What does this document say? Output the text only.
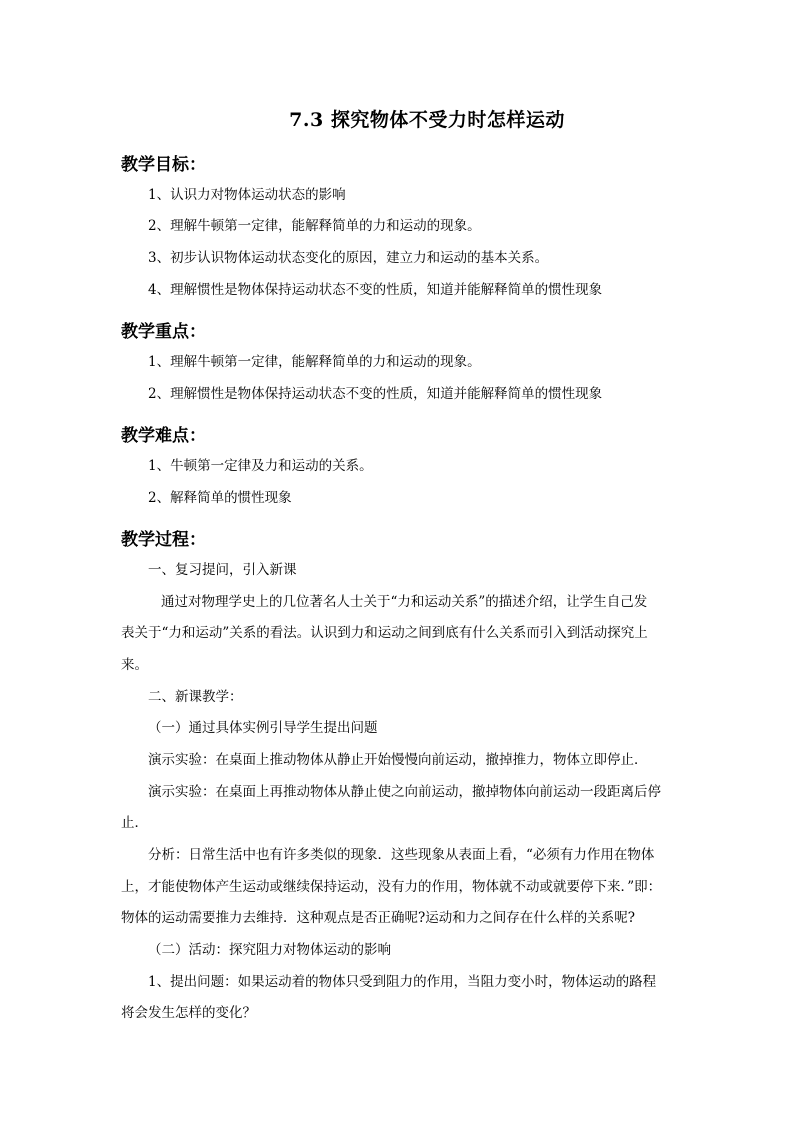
7.3 探究物体不受力时怎样运动
教学目标：
1、认识力对物体运动状态的影响
2、理解牛顿第一定律，能解释简单的力和运动的现象。
3、初步认识物体运动状态变化的原因，建立力和运动的基本关系。
4、理解惯性是物体保持运动状态不变的性质，知道并能解释简单的惯性现象
教学重点：
1、理解牛顿第一定律，能解释简单的力和运动的现象。
2、理解惯性是物体保持运动状态不变的性质，知道并能解释简单的惯性现象
教学难点：
1、牛顿第一定律及力和运动的关系。
2、解释简单的惯性现象
教学过程：
一、复习提问，引入新课
通过对物理学史上的几位著名人士关于“力和运动关系”的描述介绍，让学生自己发
表关于“力和运动”关系的看法。认识到力和运动之间到底有什么关系而引入到活动探究上
来。
二、新课教学：
（一）通过具体实例引导学生提出问题
演示实验：在桌面上推动物体从静止开始慢慢向前运动，撤掉推力，物体立即停止．
演示实验：在桌面上再推动物体从静止使之向前运动，撤掉物体向前运动一段距离后停
止．
分析：日常生活中也有许多类似的现象．这些现象从表面上看，“必须有力作用在物体
上，才能使物体产生运动或继续保持运动，没有力的作用，物体就不动或就要停下来．”即：
物体的运动需要推力去维持．这种观点是否正确呢?运动和力之间存在什么样的关系呢?
（二）活动：探究阻力对物体运动的影响
1、提出问题：如果运动着的物体只受到阻力的作用，当阻力变小时，物体运动的路程
将会发生怎样的变化？
